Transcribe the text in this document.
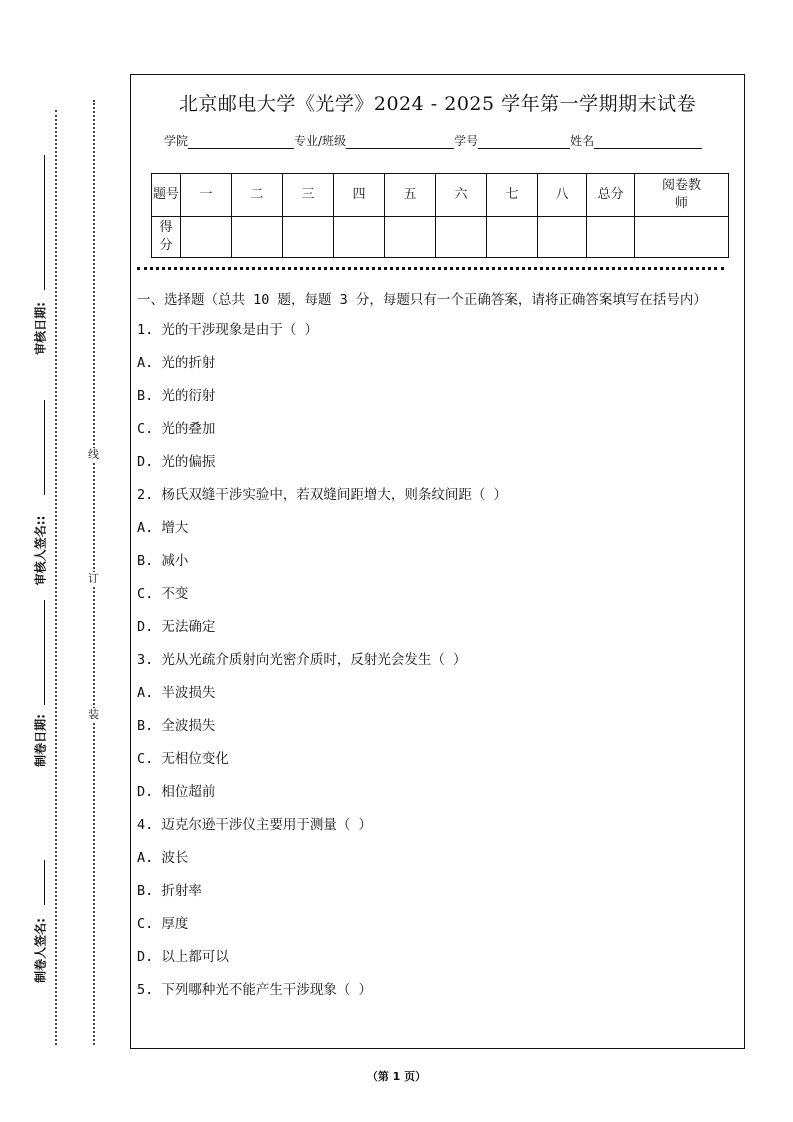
审核日期:
审核人签名::
制卷日期:
制卷人签名:
线
订
装
北京邮电大学《光学》2024 - 2025 学年第一学期期末试卷
学院	专业/班级	学号	姓名
题号	一	二	三	四	五	六	七	八	总分	阅卷教师
得分										
一、选择题（总共 10 题，每题 3 分，每题只有一个正确答案，请将正确答案填写在括号内）
1. 光的干涉现象是由于（ ）
A. 光的折射
B. 光的衍射
C. 光的叠加
D. 光的偏振
2. 杨氏双缝干涉实验中，若双缝间距增大，则条纹间距（ ）
A. 增大
B. 减小
C. 不变
D. 无法确定
3. 光从光疏介质射向光密介质时，反射光会发生（ ）
A. 半波损失
B. 全波损失
C. 无相位变化
D. 相位超前
4. 迈克尔逊干涉仪主要用于测量（ ）
A. 波长
B. 折射率
C. 厚度
D. 以上都可以
5. 下列哪种光不能产生干涉现象（ ）
（第 1 页）
